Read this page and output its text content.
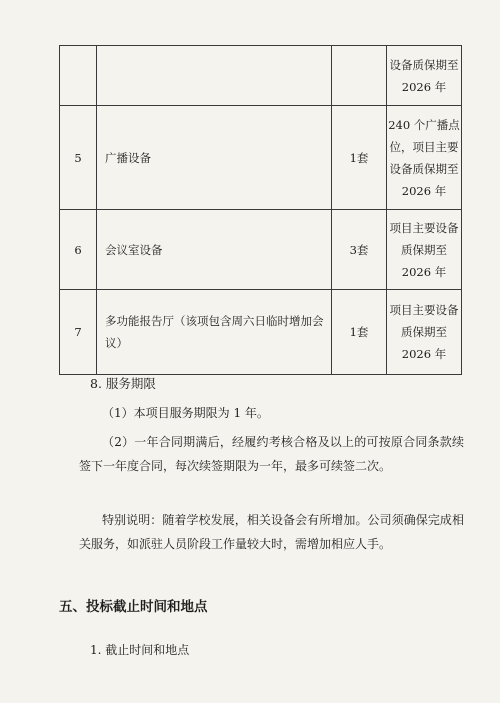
			设备质保期至
2026 年

5	广播设备	1套	240 个广播点
位，项目主要
设备质保期至
2026 年

6	会议室设备	3套	项目主要设备
质保期至
2026 年

7	多功能报告厅（该项包含周六日临时增加会议）	1套	项目主要设备
质保期至
2026 年
8. 服务期限
（1）本项目服务期限为 1 年。
（2）一年合同期满后，经履约考核合格及以上的可按原合同条款续签下一年度合同，每次续签期限为一年，最多可续签二次。
特别说明：随着学校发展，相关设备会有所增加。公司须确保完成相关服务，如派驻人员阶段工作量较大时，需增加相应人手。
五、投标截止时间和地点
1. 截止时间和地点
